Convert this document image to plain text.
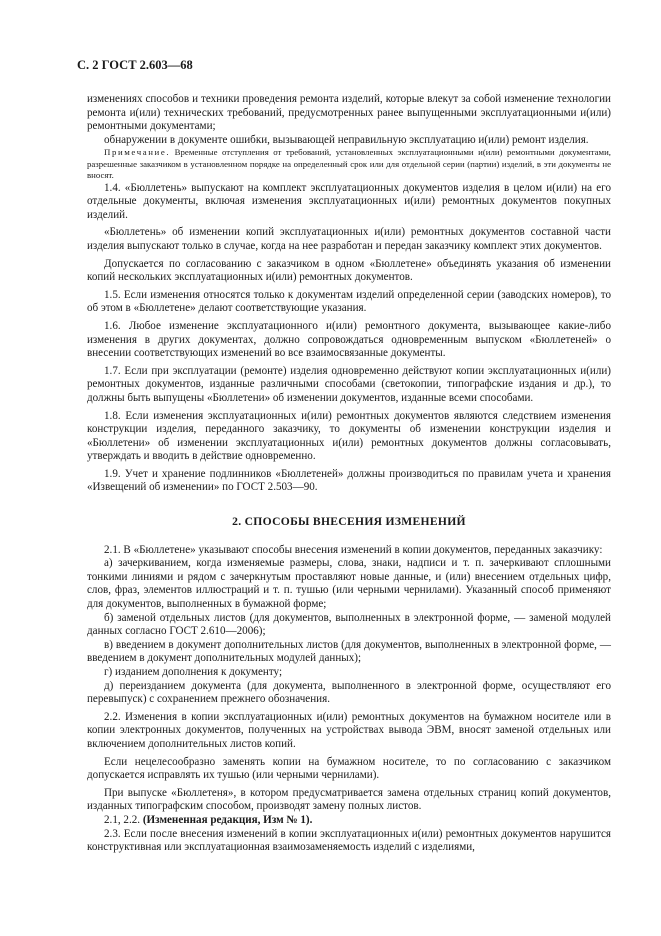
С. 2 ГОСТ 2.603—68

изменениях способов и техники проведения ремонта изделий, которые влекут за собой изменение технологии ремонта и(или) технических требований, предусмотренных ранее выпущенными эксплуатационными и(или) ремонтными документами;

обнаружении в документе ошибки, вызывающей неправильную эксплуатацию и(или) ремонт изделия.

Примечание. Временные отступления от требований, установленных эксплуатационными и(или) ремонтными документами, разрешенные заказчиком в установленном порядке на определенный срок или для отдельной серии (партии) изделий, в эти документы не вносят.

1.4. «Бюллетень» выпускают на комплект эксплуатационных документов изделия в целом и(или) на его отдельные документы, включая изменения эксплуатационных и(или) ремонтных документов покупных изделий.

«Бюллетень» об изменении копий эксплуатационных и(или) ремонтных документов составной части изделия выпускают только в случае, когда на нее разработан и передан заказчику комплект этих документов.

Допускается по согласованию с заказчиком в одном «Бюллетене» объединять указания об изменении копий нескольких эксплуатационных и(или) ремонтных документов.

1.5. Если изменения относятся только к документам изделий определенной серии (заводских номеров), то об этом в «Бюллетене» делают соответствующие указания.

1.6. Любое изменение эксплуатационного и(или) ремонтного документа, вызывающее какие-либо изменения в других документах, должно сопровождаться одновременным выпуском «Бюллетеней» о внесении соответствующих изменений во все взаимосвязанные документы.

1.7. Если при эксплуатации (ремонте) изделия одновременно действуют копии эксплуатационных и(или) ремонтных документов, изданные различными способами (светокопии, типографские издания и др.), то должны быть выпущены «Бюллетени» об изменении документов, изданные всеми способами.

1.8. Если изменения эксплуатационных и(или) ремонтных документов являются следствием изменения конструкции изделия, переданного заказчику, то документы об изменении конструкции изделия и «Бюллетени» об изменении эксплуатационных и(или) ремонтных документов должны согласовывать, утверждать и вводить в действие одновременно.

1.9. Учет и хранение подлинников «Бюллетеней» должны производиться по правилам учета и хранения «Извещений об изменении» по ГОСТ 2.503—90.

2. СПОСОБЫ ВНЕСЕНИЯ ИЗМЕНЕНИЙ

2.1. В «Бюллетене» указывают способы внесения изменений в копии документов, переданных заказчику:

а) зачеркиванием, когда изменяемые размеры, слова, знаки, надписи и т. п. зачеркивают сплошными тонкими линиями и рядом с зачеркнутым проставляют новые данные, и (или) внесением отдельных цифр, слов, фраз, элементов иллюстраций и т. п. тушью (или черными чернилами). Указанный способ применяют для документов, выполненных в бумажной форме;

б) заменой отдельных листов (для документов, выполненных в электронной форме, — заменой модулей данных согласно ГОСТ 2.610—2006);

в) введением в документ дополнительных листов (для документов, выполненных в электронной форме, — введением в документ дополнительных модулей данных);

г) изданием дополнения к документу;

д) переизданием документа (для документа, выполненного в электронной форме, осуществляют его перевыпуск) с сохранением прежнего обозначения.

2.2. Изменения в копии эксплуатационных и(или) ремонтных документов на бумажном носителе или в копии электронных документов, полученных на устройствах вывода ЭВМ, вносят заменой отдельных или включением дополнительных листов копий.

Если нецелесообразно заменять копии на бумажном носителе, то по согласованию с заказчиком допускается исправлять их тушью (или черными чернилами).

При выпуске «Бюллетеня», в котором предусматривается замена отдельных страниц копий документов, изданных типографским способом, производят замену полных листов.

2.1, 2.2. (Измененная редакция, Изм № 1).

2.3. Если после внесения изменений в копии эксплуатационных и(или) ремонтных документов нарушится конструктивная или эксплуатационная взаимозаменяемость изделий с изделиями,
